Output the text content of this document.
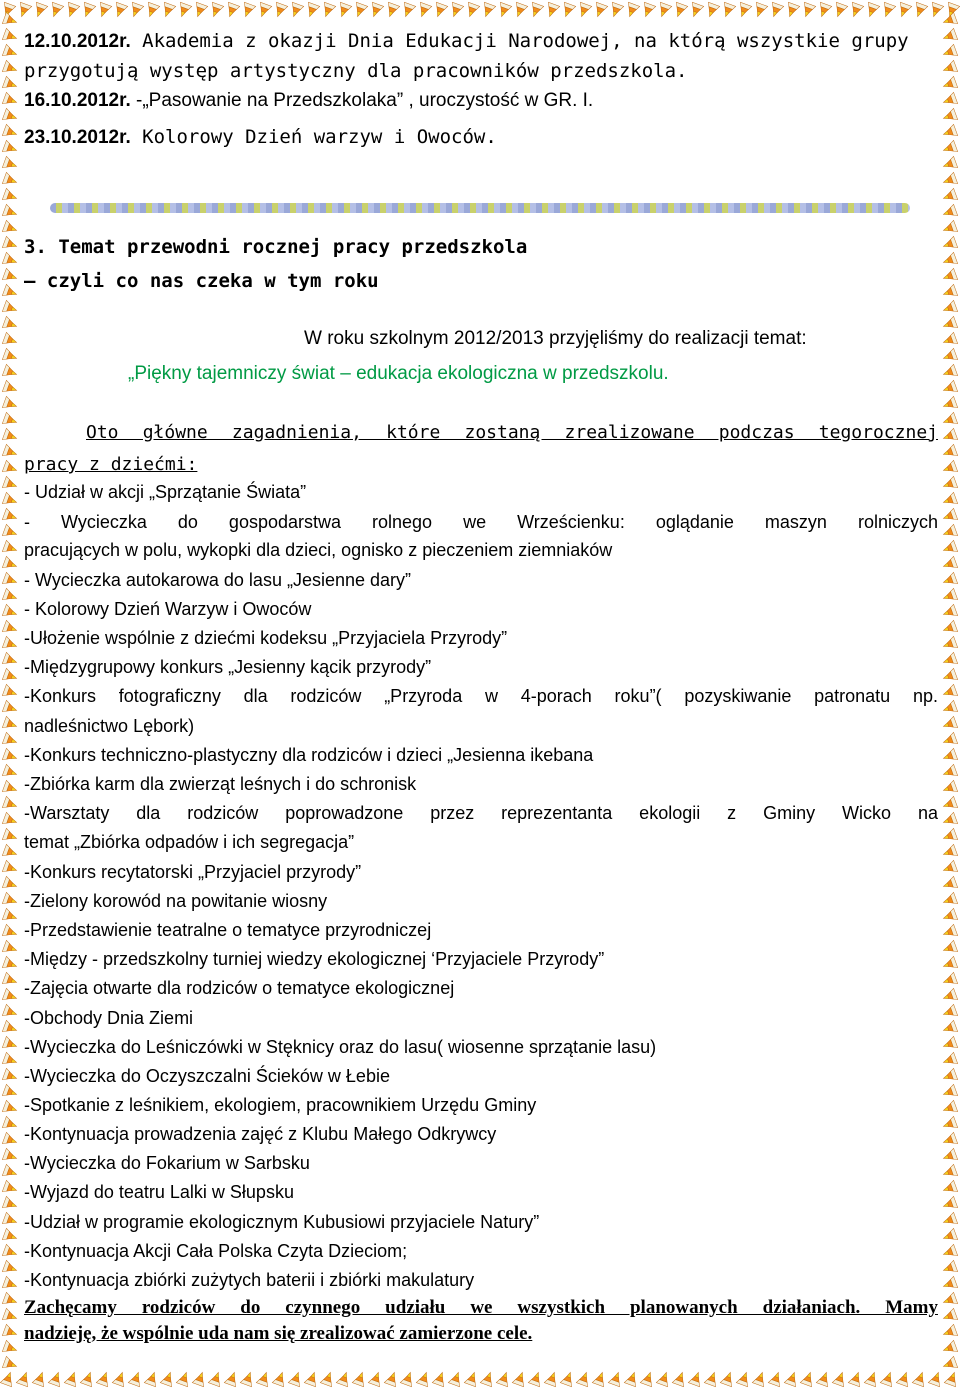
12.10.2012r. Akademia z okazji Dnia Edukacji Narodowej, na którą wszystkie grupy
przygotują występ artystyczny dla pracowników przedszkola.
16.10.2012r. -„Pasowanie na Przedszkolaka” , uroczystość w GR. I.
23.10.2012r. Kolorowy Dzień warzyw i Owoców.
3. Temat przewodni rocznej pracy przedszkola
– czyli co nas czeka w tym roku
W roku szkolnym 2012/2013 przyjęliśmy do realizacji temat:
„Piękny tajemniczy świat – edukacja ekologiczna w przedszkolu.
Oto główne zagadnienia, które zostaną zrealizowane podczas tegorocznej
pracy z dziećmi:
- Udział w akcji „Sprzątanie Świata”
- Wycieczka do gospodarstwa rolnego we Wrześcienku: oglądanie maszyn rolniczych
pracujących w polu, wykopki dla dzieci, ognisko z pieczeniem ziemniaków
- Wycieczka autokarowa do lasu „Jesienne dary”
- Kolorowy Dzień Warzyw i Owoców
-Ułożenie wspólnie z dziećmi kodeksu „Przyjaciela Przyrody”
-Międzygrupowy konkurs „Jesienny kącik przyrody”
-Konkurs fotograficzny dla rodziców „Przyroda w 4-porach roku”( pozyskiwanie patronatu np.
nadleśnictwo Lębork)
-Konkurs techniczno-plastyczny dla rodziców i dzieci „Jesienna ikebana
-Zbiórka karm dla zwierząt leśnych i do schronisk
-Warsztaty dla rodziców poprowadzone przez reprezentanta ekologii z Gminy Wicko na
temat „Zbiórka odpadów i ich segregacja”
-Konkurs recytatorski „Przyjaciel przyrody”
-Zielony korowód na powitanie wiosny
-Przedstawienie teatralne o tematyce przyrodniczej
-Między - przedszkolny turniej wiedzy ekologicznej ‘Przyjaciele Przyrody”
-Zajęcia otwarte dla rodziców o tematyce ekologicznej
-Obchody Dnia Ziemi
-Wycieczka do Leśniczówki w Stęknicy oraz do lasu( wiosenne sprzątanie lasu)
-Wycieczka do Oczyszczalni Ścieków w Łebie
-Spotkanie z leśnikiem, ekologiem, pracownikiem Urzędu Gminy
-Kontynuacja prowadzenia zajęć z Klubu Małego Odkrywcy
-Wycieczka do Fokarium w Sarbsku
-Wyjazd do teatru Lalki w Słupsku
-Udział w programie ekologicznym Kubusiowi przyjaciele Natury”
-Kontynuacja Akcji Cała Polska Czyta Dzieciom;
-Kontynuacja zbiórki zużytych baterii i zbiórki makulatury
Zachęcamy rodziców do czynnego udziału we wszystkich planowanych działaniach. Mamy
nadzieję, że wspólnie uda nam się zrealizować zamierzone cele.
